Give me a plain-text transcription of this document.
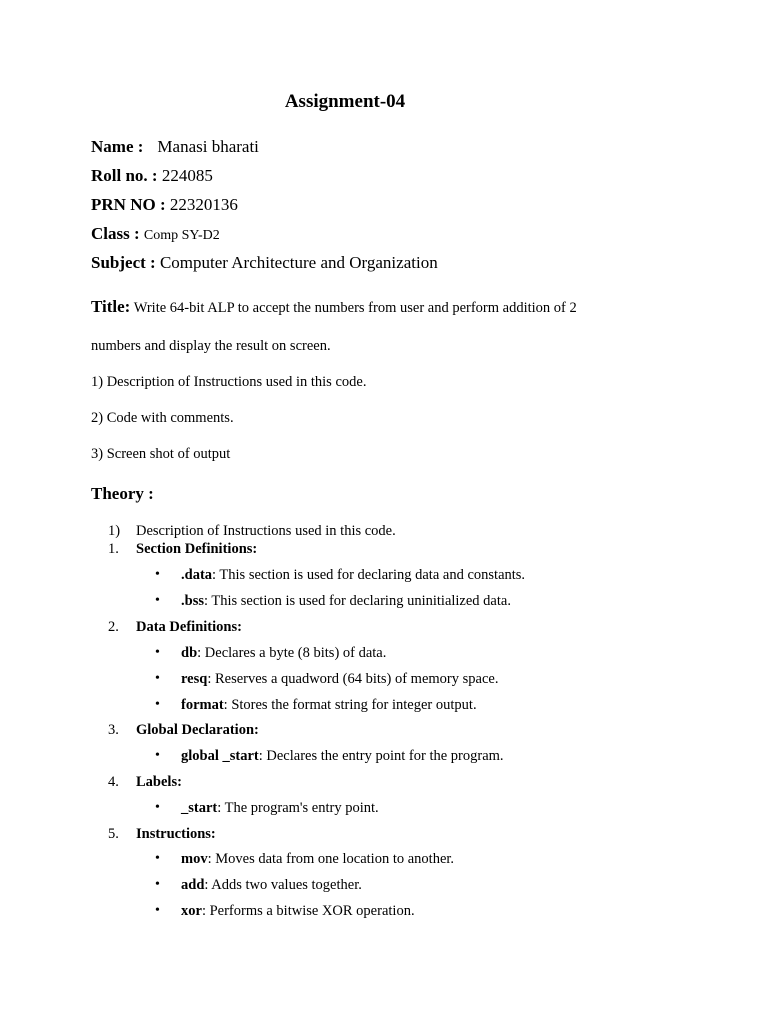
Assignment-04
Name : Manasi bharati
Roll no. : 224085
PRN NO : 22320136
Class : Comp SY-D2
Subject : Computer Architecture and Organization
Title: Write 64-bit ALP to accept the numbers from user and perform addition of 2
numbers and display the result on screen.
1) Description of Instructions used in this code.
2) Code with comments.
3) Screen shot of output
Theory :
1) Description of Instructions used in this code.
1. Section Definitions:
• .data: This section is used for declaring data and constants.
• .bss: This section is used for declaring uninitialized data.
2. Data Definitions:
• db: Declares a byte (8 bits) of data.
• resq: Reserves a quadword (64 bits) of memory space.
• format: Stores the format string for integer output.
3. Global Declaration:
• global _start: Declares the entry point for the program.
4. Labels:
• _start: The program's entry point.
5. Instructions:
• mov: Moves data from one location to another.
• add: Adds two values together.
• xor: Performs a bitwise XOR operation.
